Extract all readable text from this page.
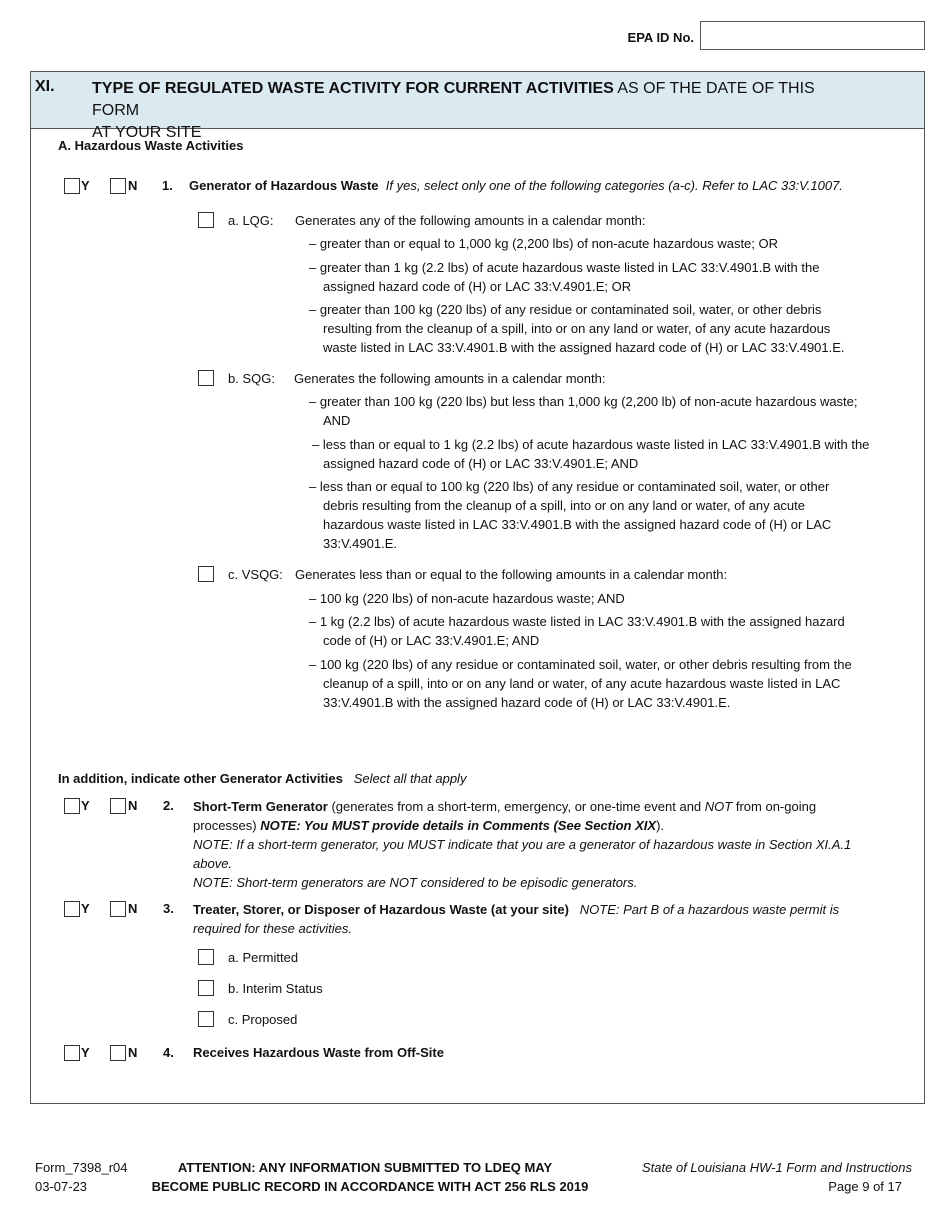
EPA ID No.
XI. TYPE OF REGULATED WASTE ACTIVITY FOR CURRENT ACTIVITIES AS OF THE DATE OF THIS FORM
AT YOUR SITE
A. Hazardous Waste Activities
Y	N 1. Generator of Hazardous Waste If yes, select only one of the following categories (a-c). Refer to LAC 33:V.1007.
a. LQG: Generates any of the following amounts in a calendar month:
– greater than or equal to 1,000 kg (2,200 lbs) of non-acute hazardous waste; OR
– greater than 1 kg (2.2 lbs) of acute hazardous waste listed in LAC 33:V.4901.B with the
assigned hazard code of (H) or LAC 33:V.4901.E; OR
– greater than 100 kg (220 lbs) of any residue or contaminated soil, water, or other debris
resulting from the cleanup of a spill, into or on any land or water, of any acute hazardous
waste listed in LAC 33:V.4901.B with the assigned hazard code of (H) or LAC 33:V.4901.E.
b. SQG: Generates the following amounts in a calendar month:
– greater than 100 kg (220 lbs) but less than 1,000 kg (2,200 lb) of non-acute hazardous waste;
AND
– less than or equal to 1 kg (2.2 lbs) of acute hazardous waste listed in LAC 33:V.4901.B with the
assigned hazard code of (H) or LAC 33:V.4901.E; AND
– less than or equal to 100 kg (220 lbs) of any residue or contaminated soil, water, or other
debris resulting from the cleanup of a spill, into or on any land or water, of any acute
hazardous waste listed in LAC 33:V.4901.B with the assigned hazard code of (H) or LAC
33:V.4901.E.
c. VSQG: Generates less than or equal to the following amounts in a calendar month:
– 100 kg (220 lbs) of non-acute hazardous waste; AND
– 1 kg (2.2 lbs) of acute hazardous waste listed in LAC 33:V.4901.B with the assigned hazard
code of (H) or LAC 33:V.4901.E; AND
– 100 kg (220 lbs) of any residue or contaminated soil, water, or other debris resulting from the
cleanup of a spill, into or on any land or water, of any acute hazardous waste listed in LAC
33:V.4901.B with the assigned hazard code of (H) or LAC 33:V.4901.E.
In addition, indicate other Generator Activities Select all that apply
Y	N 2. Short-Term Generator (generates from a short-term, emergency, or one-time event and NOT from on-going
processes) NOTE: You MUST provide details in Comments (See Section XIX).
NOTE: If a short-term generator, you MUST indicate that you are a generator of hazardous waste in Section XI.A.1
above.
NOTE: Short-term generators are NOT considered to be episodic generators.
Y	N 3. Treater, Storer, or Disposer of Hazardous Waste (at your site) NOTE: Part B of a hazardous waste permit is
required for these activities.
a. Permitted
b. Interim Status
c. Proposed
Y	N 4. Receives Hazardous Waste from Off-Site
Form_7398_r04
03-07-23
ATTENTION: ANY INFORMATION SUBMITTED TO LDEQ MAY
BECOME PUBLIC RECORD IN ACCORDANCE WITH ACT 256 RLS 2019
State of Louisiana HW-1 Form and Instructions
Page 9 of 17
